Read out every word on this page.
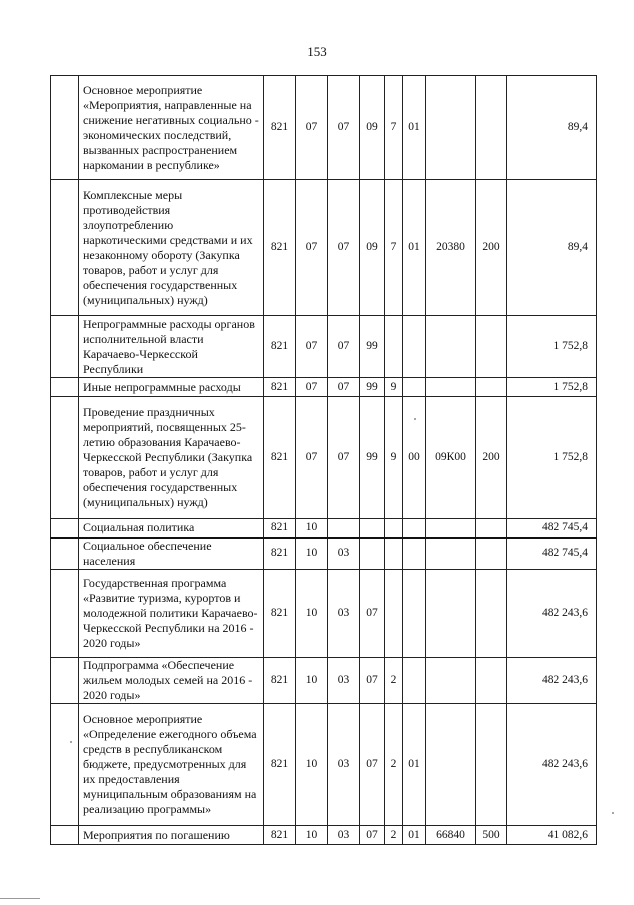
153
	Основное мероприятие «Мероприятия, направленные на снижение негативных социально - экономических последствий, вызванных распространением наркомании в республике»	821	07	07	09	7	01			89,4
	Комплексные меры противодействия злоупотреблению наркотическими средствами и их незаконному обороту (Закупка товаров, работ и услуг для обеспечения государственных (муниципальных) нужд)	821	07	07	09	7	01	20380	200	89,4
	Непрограммные расходы органов исполнительной власти Карачаево-Черкесской Республики	821	07	07	99					1 752,8
	Иные непрограммные расходы	821	07	07	99	9				1 752,8
	Проведение праздничных мероприятий, посвященных 25-летию образования Карачаево-Черкесской Республики (Закупка товаров, работ и услуг для обеспечения государственных (муниципальных) нужд)	821	07	07	99	9	00	09К00	200	1 752,8
	Социальная политика	821	10							482 745,4
	Социальное обеспечение населения	821	10	03						482 745,4
	Государственная программа «Развитие туризма, курортов и молодежной политики Карачаево-Черкесской Республики на 2016 - 2020 годы»	821	10	03	07					482 243,6
	Подпрограмма «Обеспечение жильем молодых семей на 2016 - 2020 годы»	821	10	03	07	2				482 243,6
	Основное мероприятие «Определение ежегодного объема средств в республиканском бюджете, предусмотренных для их предоставления муниципальным образованиям на реализацию программы»	821	10	03	07	2	01			482 243,6
	Мероприятия по погашению	821	10	03	07	2	01	66840	500	41 082,6
